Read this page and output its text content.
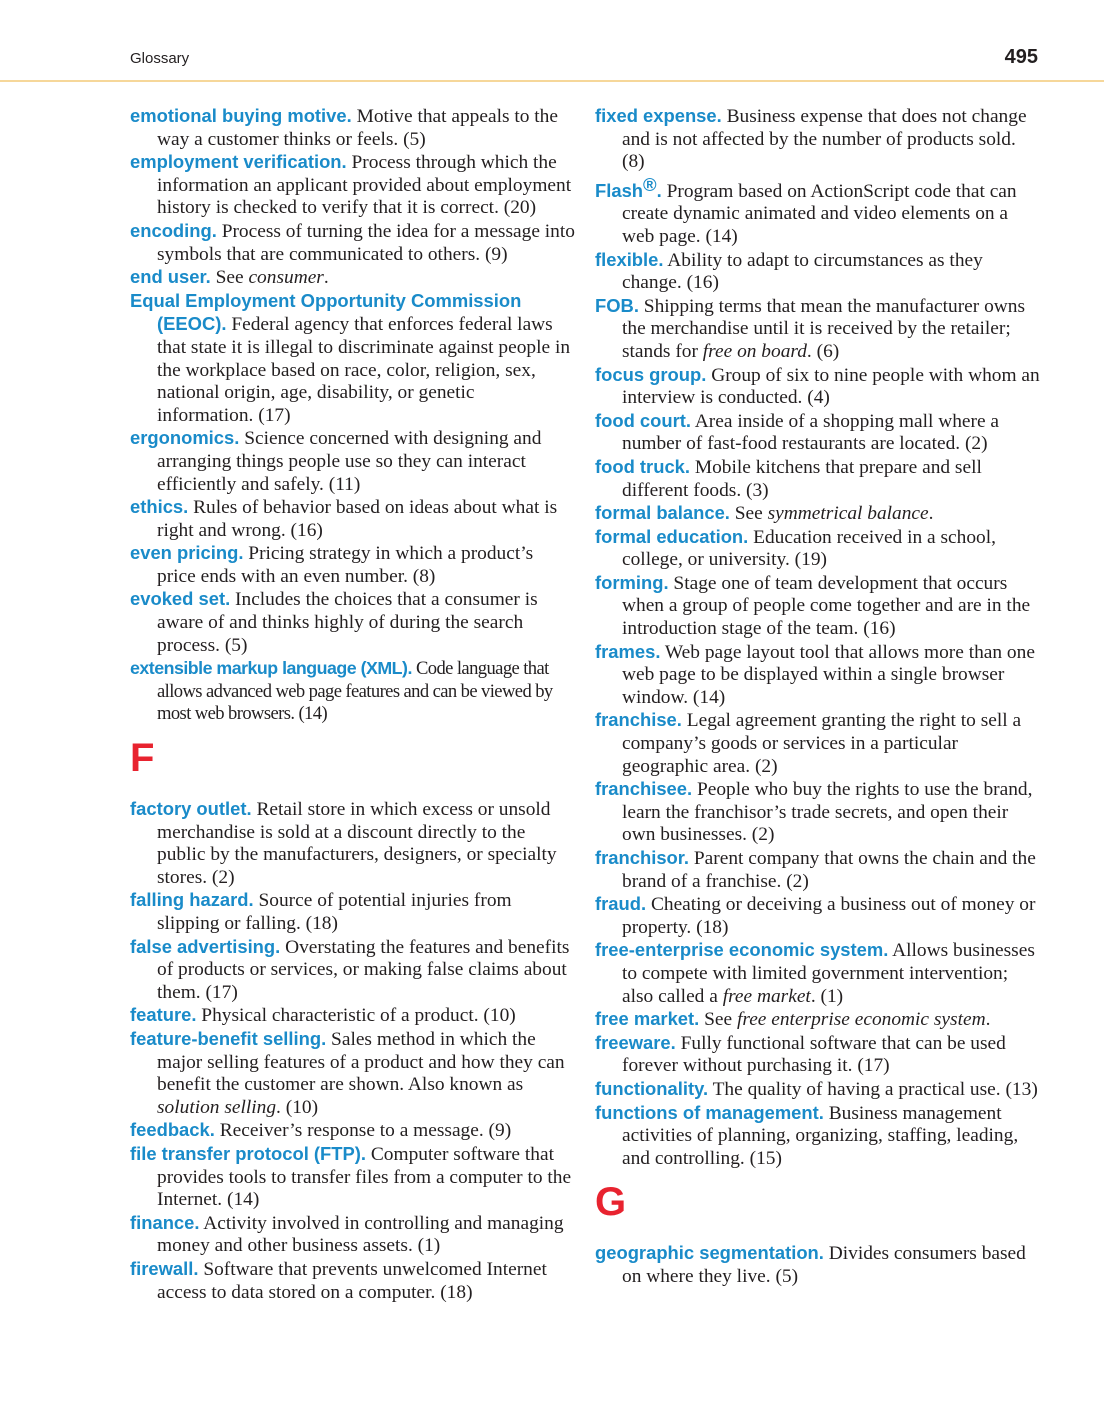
Glossary	495

emotional buying motive. Motive that appeals to the way a customer thinks or feels. (5)

employment verification. Process through which the information an applicant provided about employment history is checked to verify that it is correct. (20)

encoding. Process of turning the idea for a message into symbols that are communicated to others. (9)

end user. See consumer.

Equal Employment Opportunity Commission (EEOC). Federal agency that enforces federal laws that state it is illegal to discriminate against people in the workplace based on race, color, religion, sex, national origin, age, disability, or genetic information. (17)

ergonomics. Science concerned with designing and arranging things people use so they can interact efficiently and safely. (11)

ethics. Rules of behavior based on ideas about what is right and wrong. (16)

even pricing. Pricing strategy in which a product’s price ends with an even number. (8)

evoked set. Includes the choices that a consumer is aware of and thinks highly of during the search process. (5)

extensible markup language (XML). Code language that allows advanced web page features and can be viewed by most web browsers. (14)

F

factory outlet. Retail store in which excess or unsold merchandise is sold at a discount directly to the public by the manufacturers, designers, or specialty stores. (2)

falling hazard. Source of potential injuries from slipping or falling. (18)

false advertising. Overstating the features and benefits of products or services, or making false claims about them. (17)

feature. Physical characteristic of a product. (10)

feature-benefit selling. Sales method in which the major selling features of a product and how they can benefit the customer are shown. Also known as solution selling. (10)

feedback. Receiver’s response to a message. (9)

file transfer protocol (FTP). Computer software that provides tools to transfer files from a computer to the Internet. (14)

finance. Activity involved in controlling and managing money and other business assets. (1)

firewall. Software that prevents unwelcomed Internet access to data stored on a computer. (18)

fixed expense. Business expense that does not change and is not affected by the number of products sold. (8)

Flash®. Program based on ActionScript code that can create dynamic animated and video elements on a web page. (14)

flexible. Ability to adapt to circumstances as they change. (16)

FOB. Shipping terms that mean the manufacturer owns the merchandise until it is received by the retailer; stands for free on board. (6)

focus group. Group of six to nine people with whom an interview is conducted. (4)

food court. Area inside of a shopping mall where a number of fast-food restaurants are located. (2)

food truck. Mobile kitchens that prepare and sell different foods. (3)

formal balance. See symmetrical balance.

formal education. Education received in a school, college, or university. (19)

forming. Stage one of team development that occurs when a group of people come together and are in the introduction stage of the team. (16)

frames. Web page layout tool that allows more than one web page to be displayed within a single browser window. (14)

franchise. Legal agreement granting the right to sell a company’s goods or services in a particular geographic area. (2)

franchisee. People who buy the rights to use the brand, learn the franchisor’s trade secrets, and open their own businesses. (2)

franchisor. Parent company that owns the chain and the brand of a franchise. (2)

fraud. Cheating or deceiving a business out of money or property. (18)

free-enterprise economic system. Allows businesses to compete with limited government intervention; also called a free market. (1)

free market. See free enterprise economic system.

freeware. Fully functional software that can be used forever without purchasing it. (17)

functionality. The quality of having a practical use. (13)

functions of management. Business management activities of planning, organizing, staffing, leading, and controlling. (15)

G

geographic segmentation. Divides consumers based on where they live. (5)
